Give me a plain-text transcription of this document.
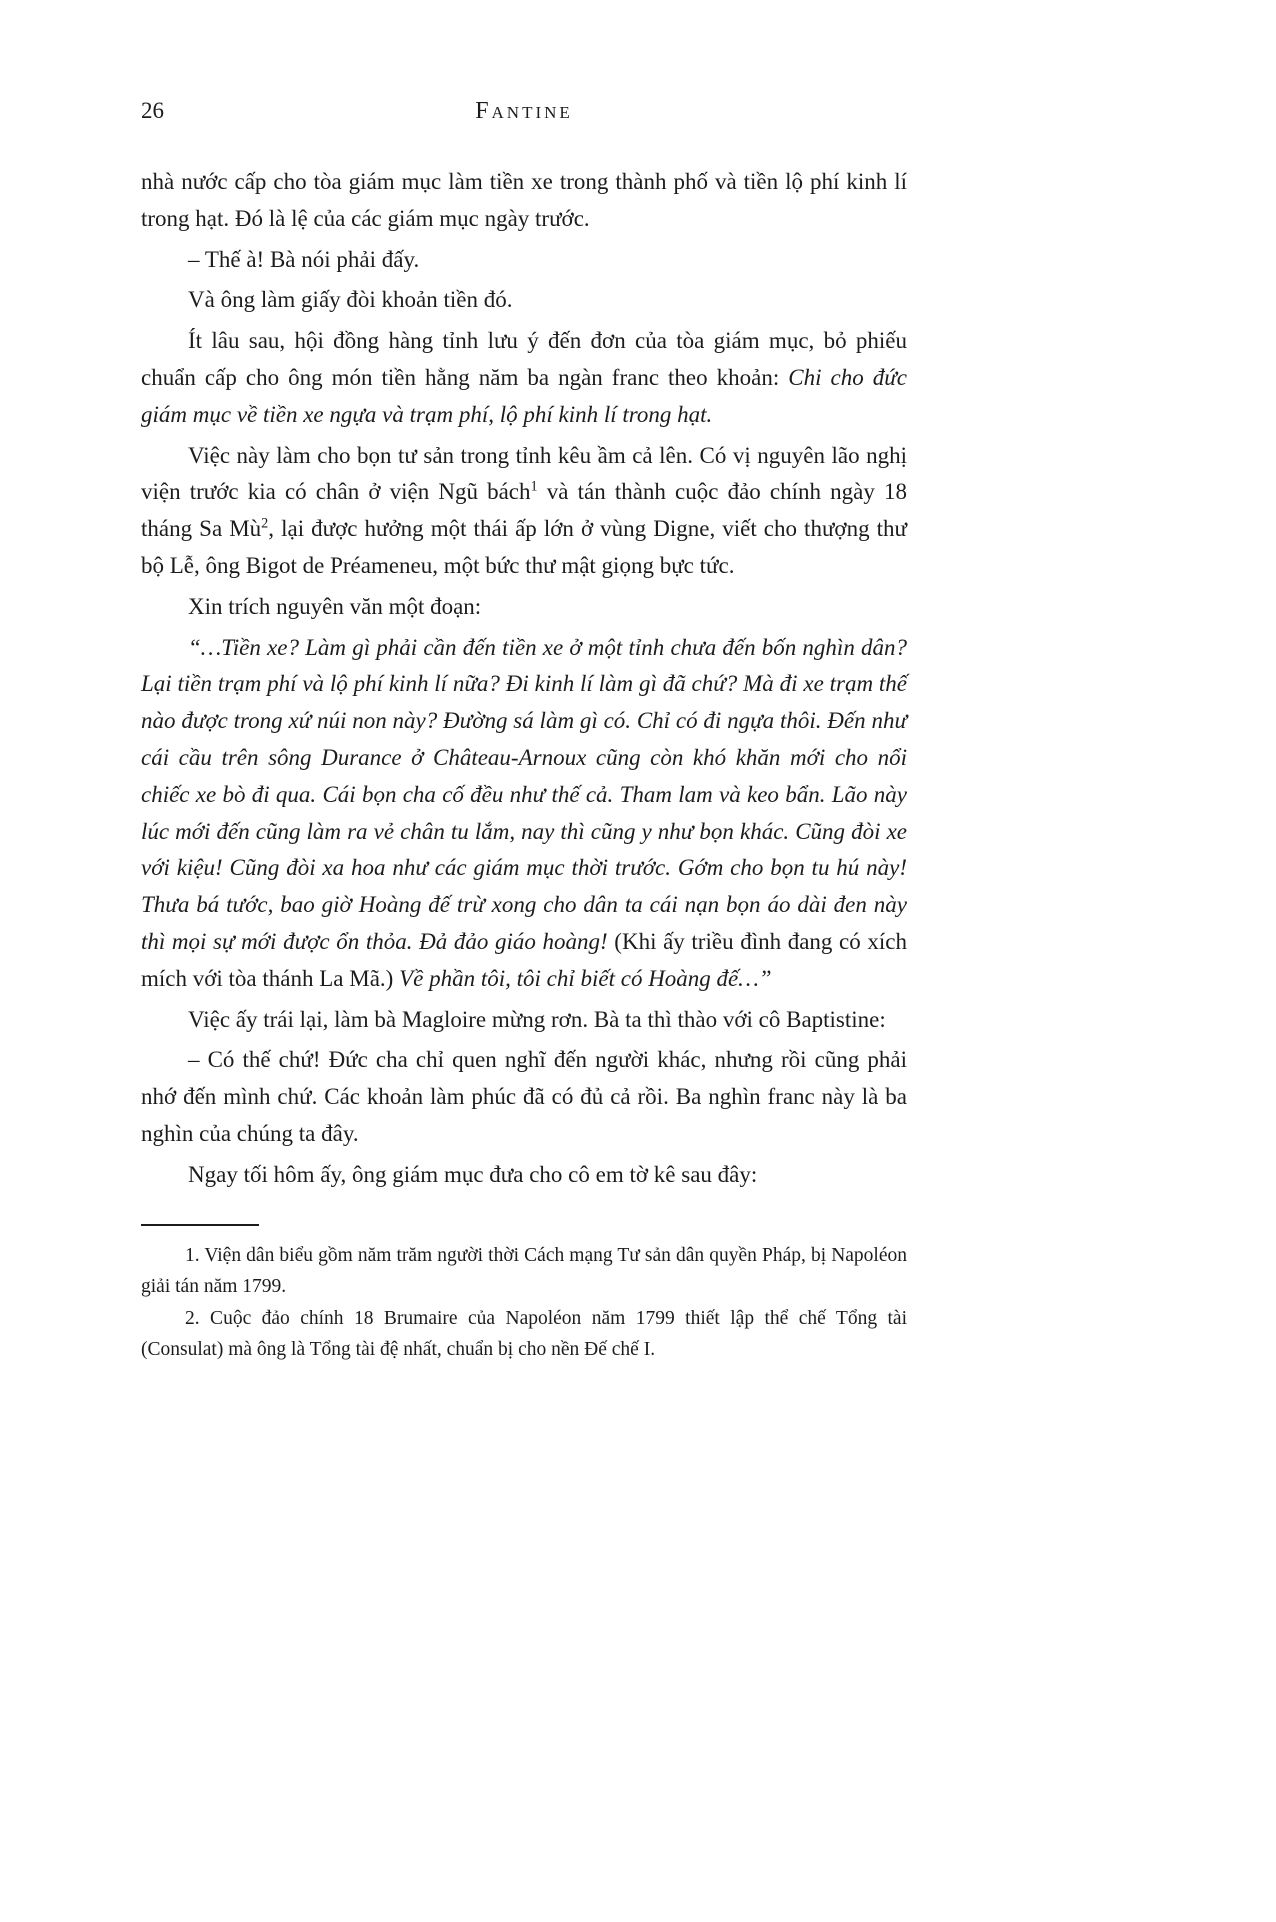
26	Fantine

nhà nước cấp cho tòa giám mục làm tiền xe trong thành phố và tiền lộ phí kinh lí trong hạt. Đó là lệ của các giám mục ngày trước.

– Thế à! Bà nói phải đấy.

Và ông làm giấy đòi khoản tiền đó.

Ít lâu sau, hội đồng hàng tỉnh lưu ý đến đơn của tòa giám mục, bỏ phiếu chuẩn cấp cho ông món tiền hằng năm ba ngàn franc theo khoản: Chi cho đức giám mục về tiền xe ngựa và trạm phí, lộ phí kinh lí trong hạt.

Việc này làm cho bọn tư sản trong tỉnh kêu ầm cả lên. Có vị nguyên lão nghị viện trước kia có chân ở viện Ngũ bách$^1$ và tán thành cuộc đảo chính ngày 18 tháng Sa Mù$^2$, lại được hưởng một thái ấp lớn ở vùng Digne, viết cho thượng thư bộ Lễ, ông Bigot de Préameneu, một bức thư mật giọng bực tức.

Xin trích nguyên văn một đoạn:

“…Tiền xe? Làm gì phải cần đến tiền xe ở một tỉnh chưa đến bốn nghìn dân? Lại tiền trạm phí và lộ phí kinh lí nữa? Đi kinh lí làm gì đã chứ? Mà đi xe trạm thế nào được trong xứ núi non này? Đường sá làm gì có. Chỉ có đi ngựa thôi. Đến như cái cầu trên sông Durance ở Château-Arnoux cũng còn khó khăn mới cho nổi chiếc xe bò đi qua. Cái bọn cha cố đều như thế cả. Tham lam và keo bẩn. Lão này lúc mới đến cũng làm ra vẻ chân tu lắm, nay thì cũng y như bọn khác. Cũng đòi xe với kiệu! Cũng đòi xa hoa như các giám mục thời trước. Gớm cho bọn tu hú này! Thưa bá tước, bao giờ Hoàng đế trừ xong cho dân ta cái nạn bọn áo dài đen này thì mọi sự mới được ổn thỏa. Đả đảo giáo hoàng! (Khi ấy triều đình đang có xích mích với tòa thánh La Mã.) Về phần tôi, tôi chỉ biết có Hoàng đế…”

Việc ấy trái lại, làm bà Magloire mừng rơn. Bà ta thì thào với cô Baptistine:

– Có thế chứ! Đức cha chỉ quen nghĩ đến người khác, nhưng rồi cũng phải nhớ đến mình chứ. Các khoản làm phúc đã có đủ cả rồi. Ba nghìn franc này là ba nghìn của chúng ta đây.

Ngay tối hôm ấy, ông giám mục đưa cho cô em tờ kê sau đây:

1. Viện dân biểu gồm năm trăm người thời Cách mạng Tư sản dân quyền Pháp, bị Napoléon giải tán năm 1799.

2. Cuộc đảo chính 18 Brumaire của Napoléon năm 1799 thiết lập thể chế Tổng tài (Consulat) mà ông là Tổng tài đệ nhất, chuẩn bị cho nền Đế chế I.
